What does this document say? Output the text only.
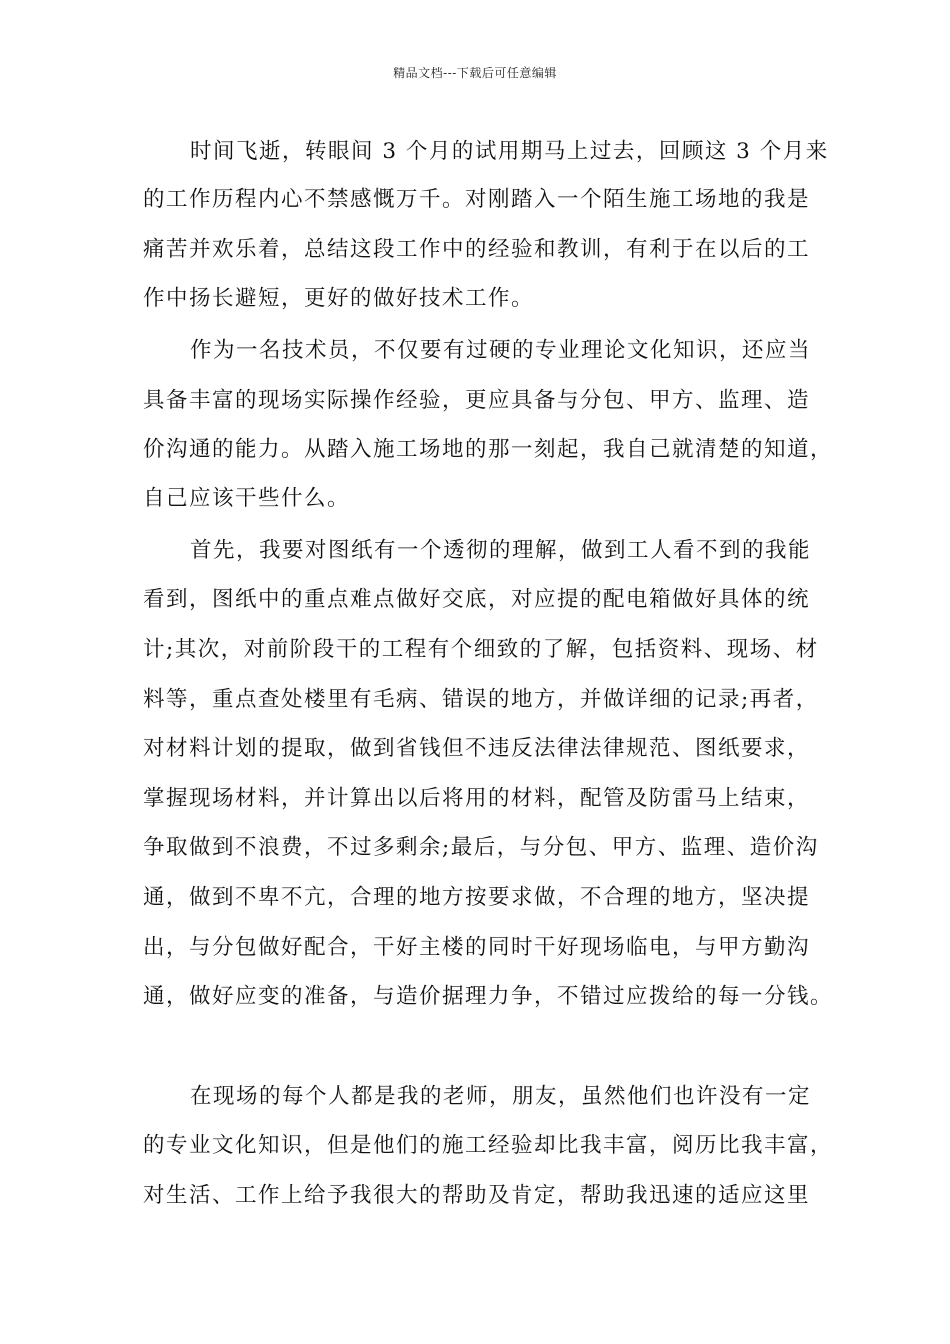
精品文档---下载后可任意编辑
时间飞逝，转眼间 3 个月的试用期马上过去，回顾这 3 个月来
的工作历程内心不禁感慨万千。对刚踏入一个陌生施工场地的我是
痛苦并欢乐着，总结这段工作中的经验和教训，有利于在以后的工
作中扬长避短，更好的做好技术工作。
作为一名技术员，不仅要有过硬的专业理论文化知识，还应当
具备丰富的现场实际操作经验，更应具备与分包、甲方、监理、造
价沟通的能力。从踏入施工场地的那一刻起，我自己就清楚的知道，
自己应该干些什么。
首先，我要对图纸有一个透彻的理解，做到工人看不到的我能
看到，图纸中的重点难点做好交底，对应提的配电箱做好具体的统
计;其次，对前阶段干的工程有个细致的了解，包括资料、现场、材
料等，重点查处楼里有毛病、错误的地方，并做详细的记录;再者，
对材料计划的提取，做到省钱但不违反法律法律规范、图纸要求，
掌握现场材料，并计算出以后将用的材料，配管及防雷马上结束，
争取做到不浪费，不过多剩余;最后，与分包、甲方、监理、造价沟
通，做到不卑不亢，合理的地方按要求做，不合理的地方，坚决提
出，与分包做好配合，干好主楼的同时干好现场临电，与甲方勤沟
通，做好应变的准备，与造价据理力争，不错过应拨给的每一分钱。
在现场的每个人都是我的老师，朋友，虽然他们也许没有一定
的专业文化知识，但是他们的施工经验却比我丰富，阅历比我丰富，
对生活、工作上给予我很大的帮助及肯定，帮助我迅速的适应这里
